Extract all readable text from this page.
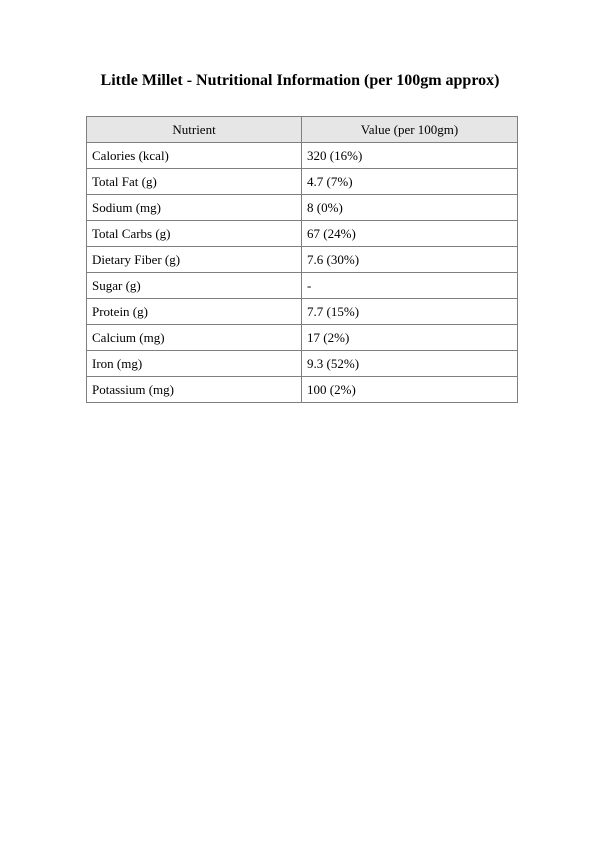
Little Millet - Nutritional Information (per 100gm approx)
Nutrient	Value (per 100gm)
Calories (kcal)	320 (16%)
Total Fat (g)	4.7 (7%)
Sodium (mg)	8 (0%)
Total Carbs (g)	67 (24%)
Dietary Fiber (g)	7.6 (30%)
Sugar (g)	-
Protein (g)	7.7 (15%)
Calcium (mg)	17 (2%)
Iron (mg)	9.3 (52%)
Potassium (mg)	100 (2%)
